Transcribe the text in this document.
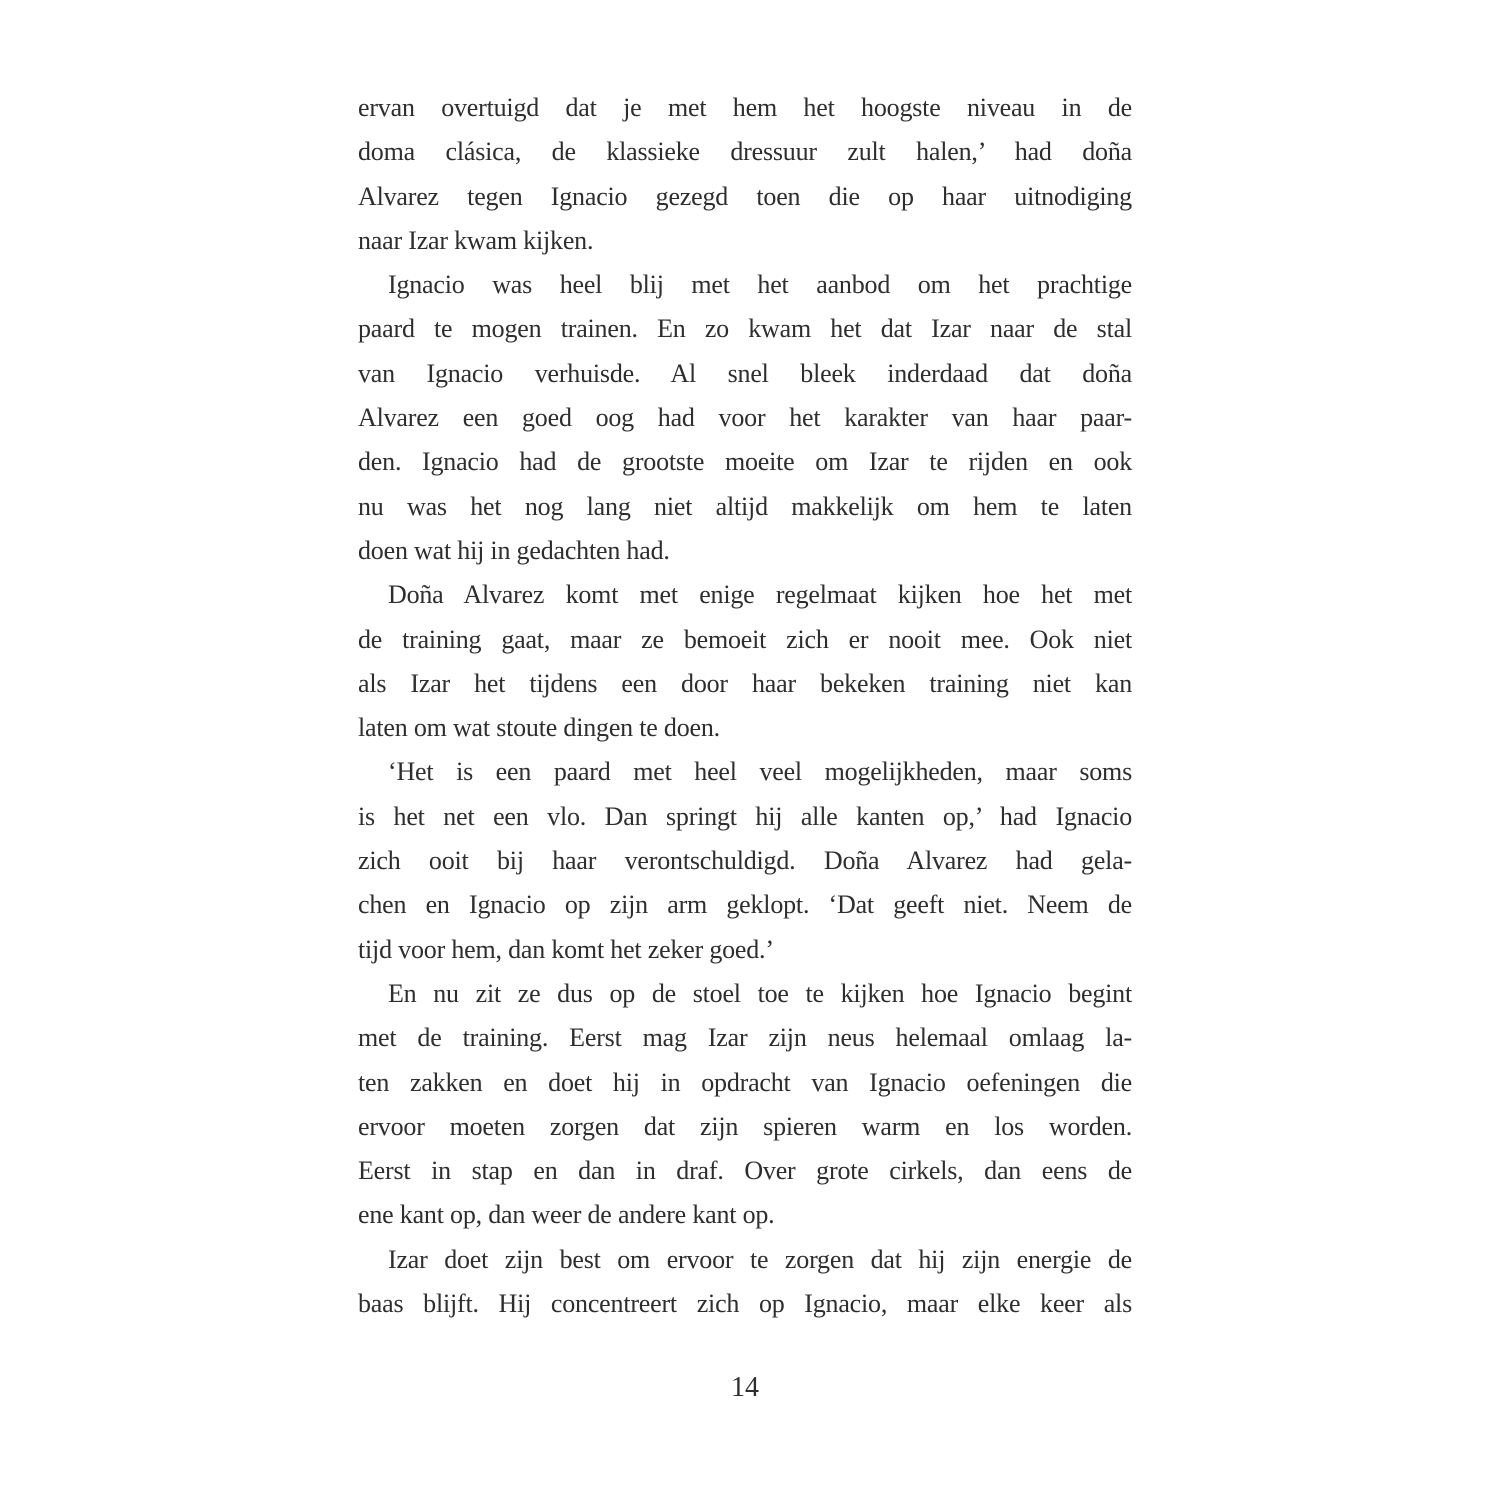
ervan overtuigd dat je met hem het hoogste niveau in de
doma clásica, de klassieke dressuur zult halen,’ had doña
Alvarez tegen Ignacio gezegd toen die op haar uitnodiging
naar Izar kwam kijken.
Ignacio was heel blij met het aanbod om het prachtige
paard te mogen trainen. En zo kwam het dat Izar naar de stal
van Ignacio verhuisde. Al snel bleek inderdaad dat doña
Alvarez een goed oog had voor het karakter van haar paar-
den. Ignacio had de grootste moeite om Izar te rijden en ook
nu was het nog lang niet altijd makkelijk om hem te laten
doen wat hij in gedachten had.
Doña Alvarez komt met enige regelmaat kijken hoe het met
de training gaat, maar ze bemoeit zich er nooit mee. Ook niet
als Izar het tijdens een door haar bekeken training niet kan
laten om wat stoute dingen te doen.
‘Het is een paard met heel veel mogelijkheden, maar soms
is het net een vlo. Dan springt hij alle kanten op,’ had Ignacio
zich ooit bij haar verontschuldigd. Doña Alvarez had gela-
chen en Ignacio op zijn arm geklopt. ‘Dat geeft niet. Neem de
tijd voor hem, dan komt het zeker goed.’
En nu zit ze dus op de stoel toe te kijken hoe Ignacio begint
met de training. Eerst mag Izar zijn neus helemaal omlaag la-
ten zakken en doet hij in opdracht van Ignacio oefeningen die
ervoor moeten zorgen dat zijn spieren warm en los worden.
Eerst in stap en dan in draf. Over grote cirkels, dan eens de
ene kant op, dan weer de andere kant op.
Izar doet zijn best om ervoor te zorgen dat hij zijn energie de
baas blijft. Hij concentreert zich op Ignacio, maar elke keer als
14
